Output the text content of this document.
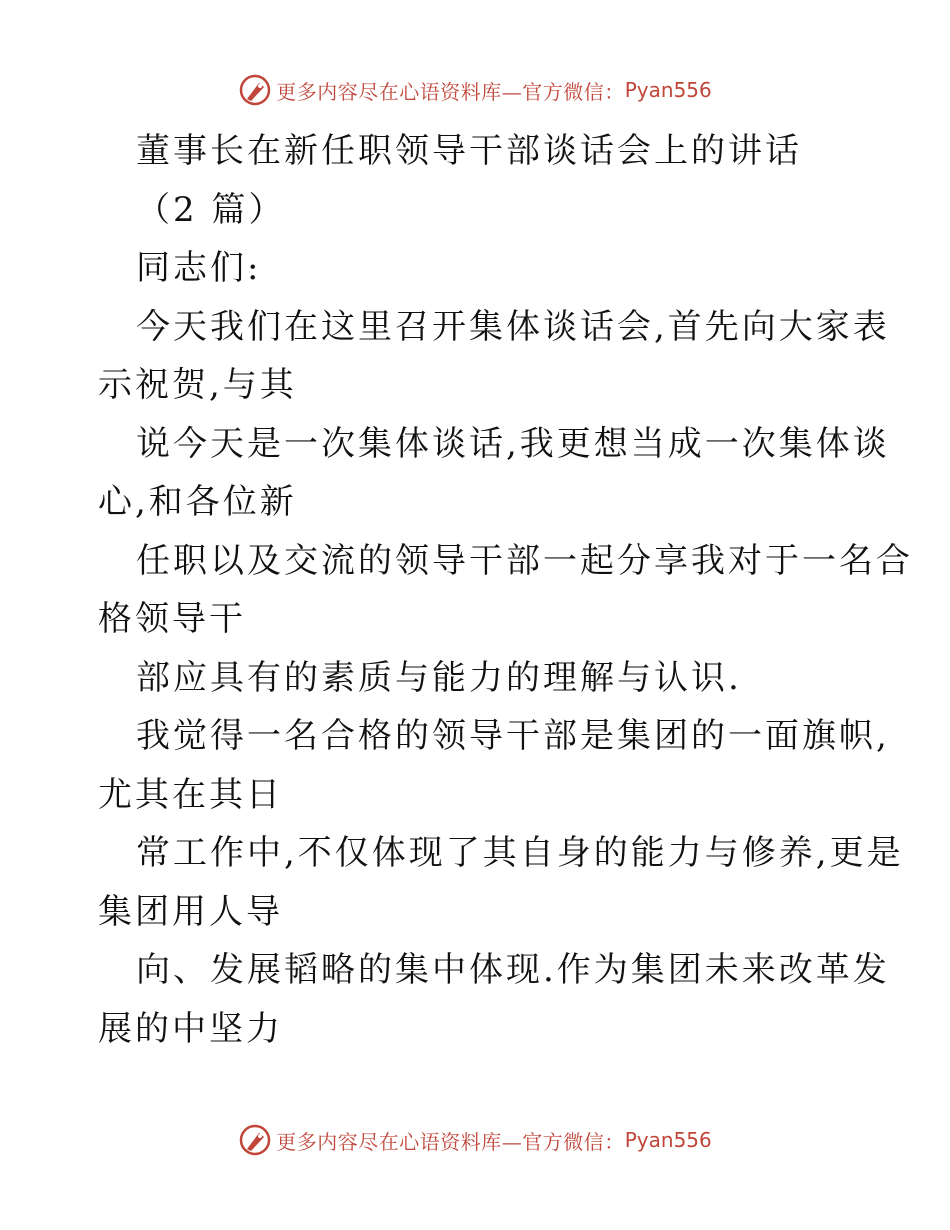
更多内容尽在心语资料库—官方微信： Pyan556
董事长在新任职领导干部谈话会上的讲话
（2 篇）
同志们:
今天我们在这里召开集体谈话会,首先向大家表
示祝贺,与其
说今天是一次集体谈话,我更想当成一次集体谈
心,和各位新
任职以及交流的领导干部一起分享我对于一名合
格领导干
部应具有的素质与能力的理解与认识.
我觉得一名合格的领导干部是集团的一面旗帜,
尤其在其日
常工作中,不仅体现了其自身的能力与修养,更是
集团用人导
向、发展韬略的集中体现.作为集团未来改革发
展的中坚力
更多内容尽在心语资料库—官方微信： Pyan556
